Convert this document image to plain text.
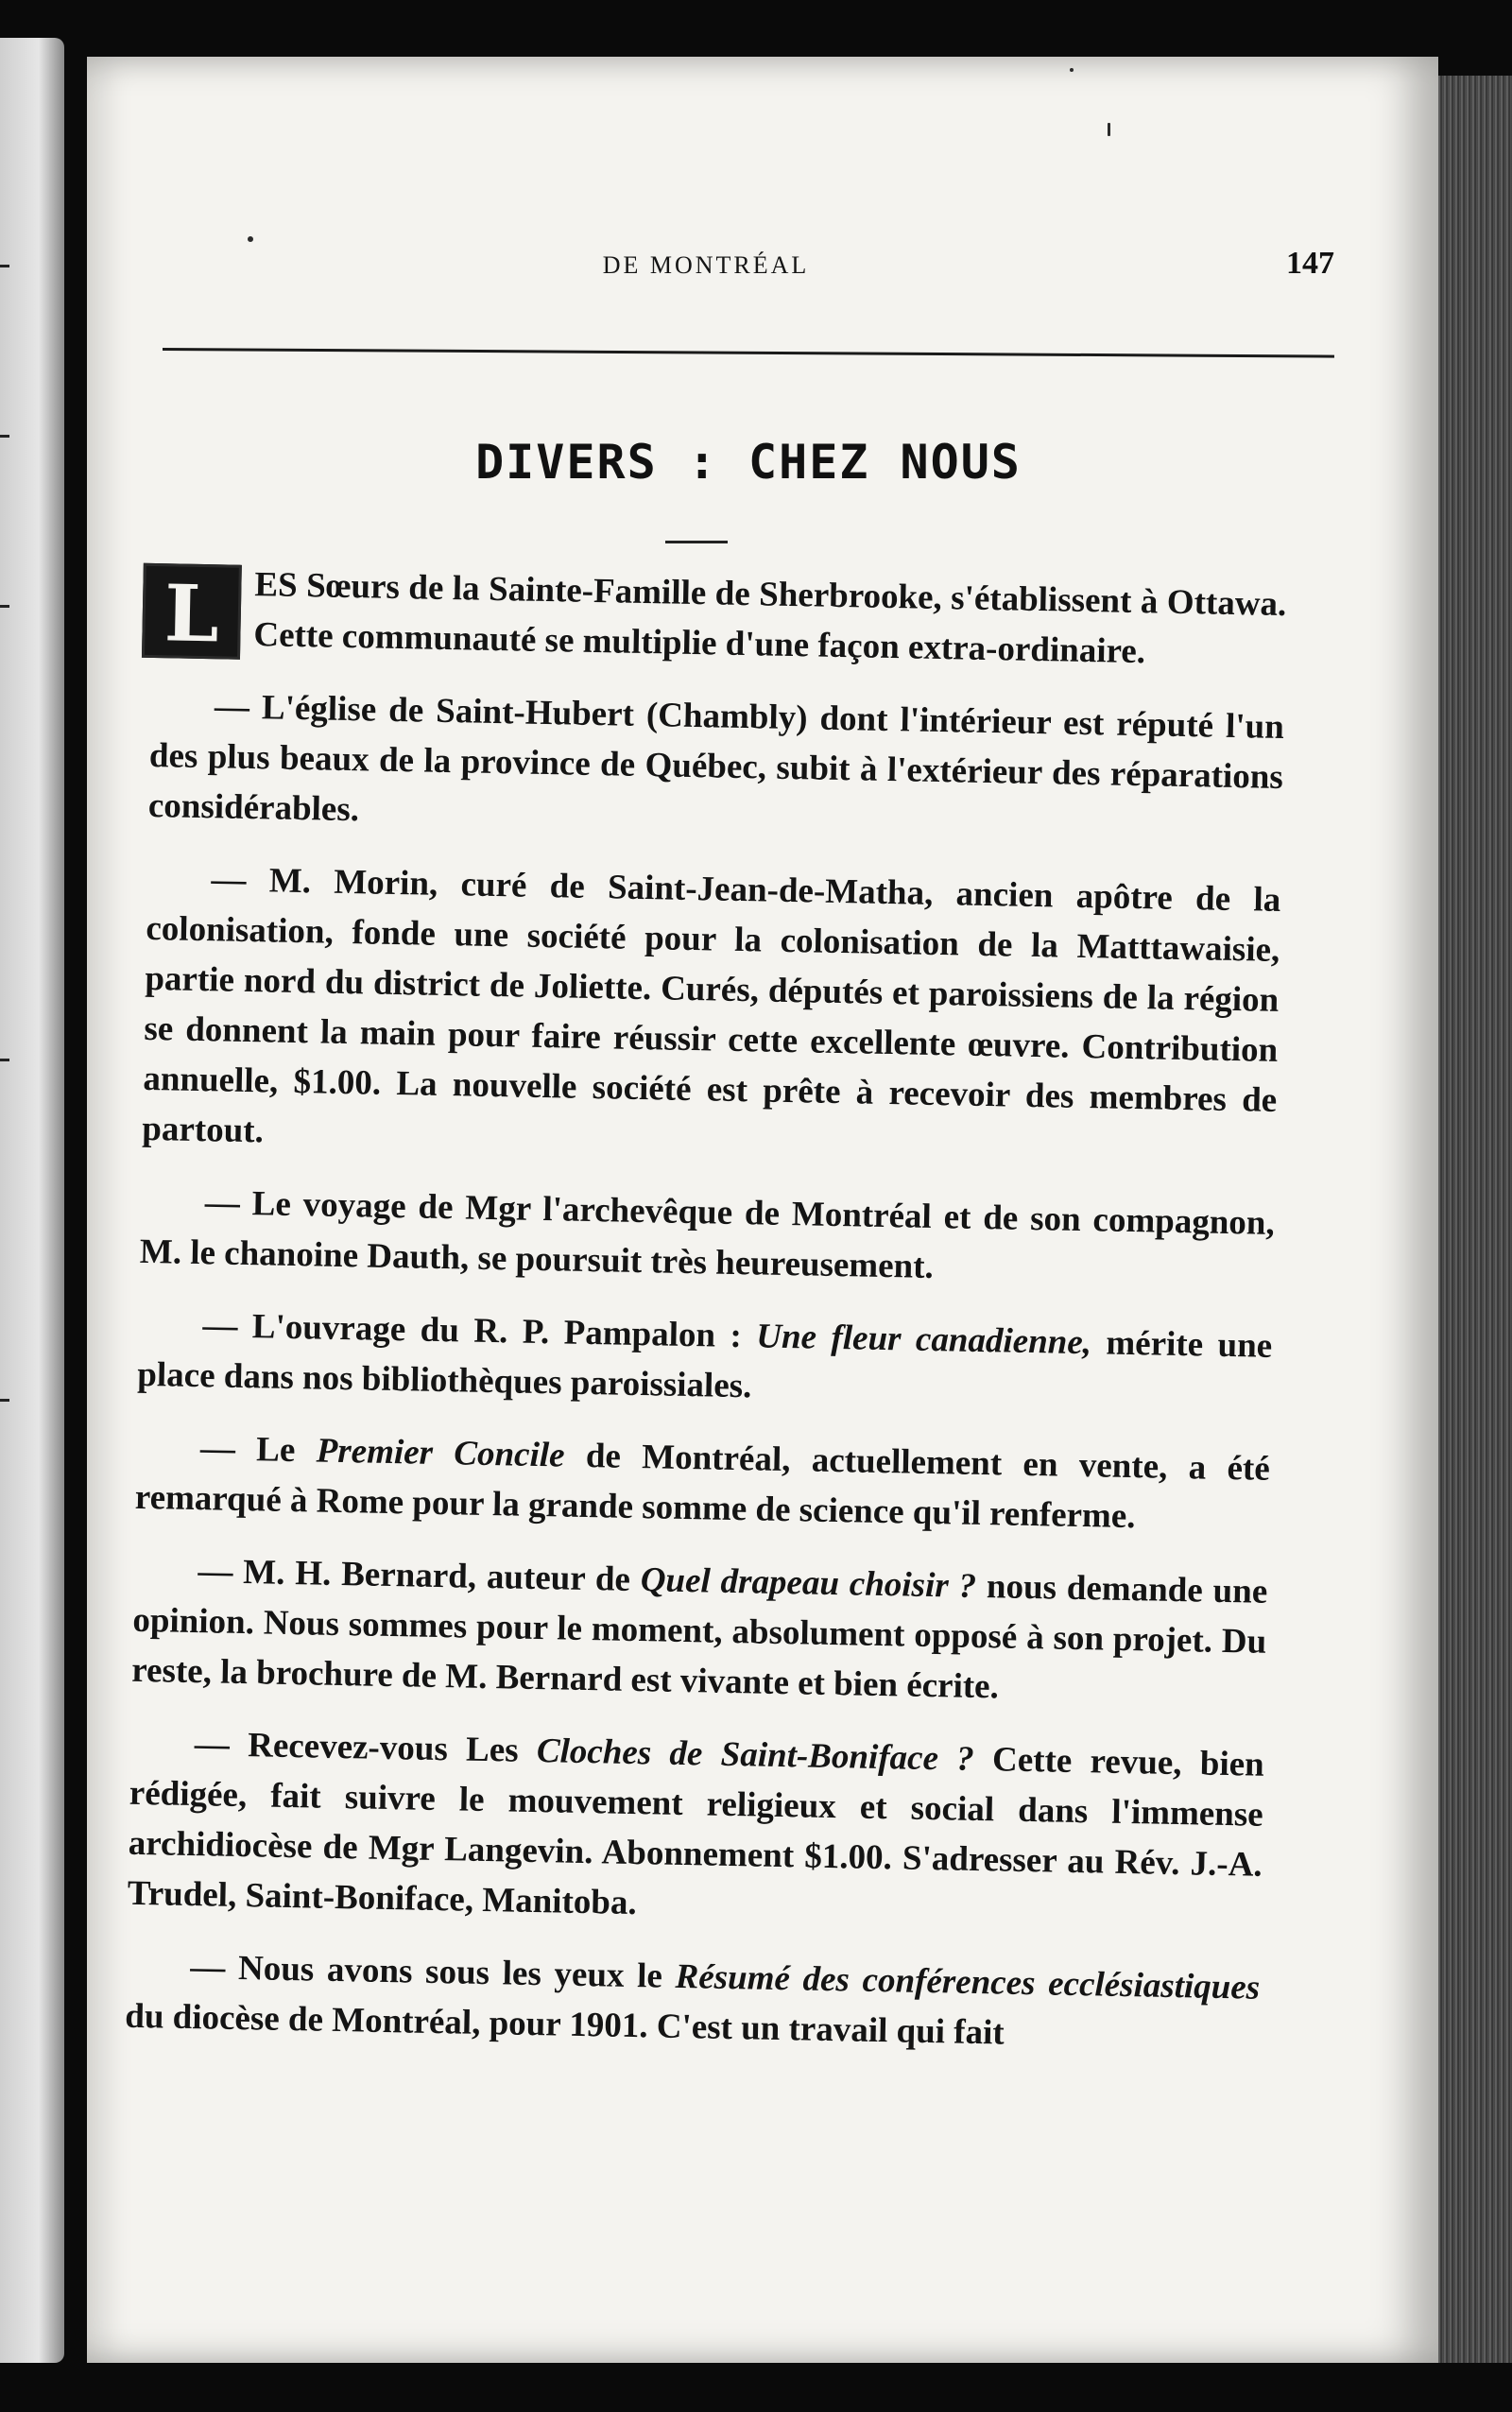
DE MONTRÉAL	147
DIVERS : CHEZ NOUS

L ES Sœurs de la Sainte-Famille de Sherbrooke, s'établissent à Ottawa. Cette communauté se multiplie d'une façon extra-ordinaire.

— L'église de Saint-Hubert (Chambly) dont l'intérieur est réputé l'un des plus beaux de la province de Québec, subit à l'extérieur des réparations considérables.

— M. Morin, curé de Saint-Jean-de-Matha, ancien apôtre de la colonisation, fonde une société pour la colonisation de la Matttawaisie, partie nord du district de Joliette. Curés, députés et paroissiens de la région se donnent la main pour faire réussir cette excellente œuvre. Contribution annuelle, $1.00. La nouvelle société est prête à recevoir des membres de partout.

— Le voyage de Mgr l'archevêque de Montréal et de son compagnon, M. le chanoine Dauth, se poursuit très heureusement.

— L'ouvrage du R. P. Pampalon : Une fleur canadienne, mérite une place dans nos bibliothèques paroissiales.

— Le Premier Concile de Montréal, actuellement en vente, a été remarqué à Rome pour la grande somme de science qu'il renferme.

— M. H. Bernard, auteur de Quel drapeau choisir ? nous demande une opinion. Nous sommes pour le moment, absolument opposé à son projet. Du reste, la brochure de M. Bernard est vivante et bien écrite.

— Recevez-vous Les Cloches de Saint-Boniface ? Cette revue, bien rédigée, fait suivre le mouvement religieux et social dans l'immense archidiocèse de Mgr Langevin. Abonnement $1.00. S'adresser au Rév. J.-A. Trudel, Saint-Boniface, Manitoba.

— Nous avons sous les yeux le Résumé des conférences ecclésiastiques du diocèse de Montréal, pour 1901. C'est un travail qui fait
